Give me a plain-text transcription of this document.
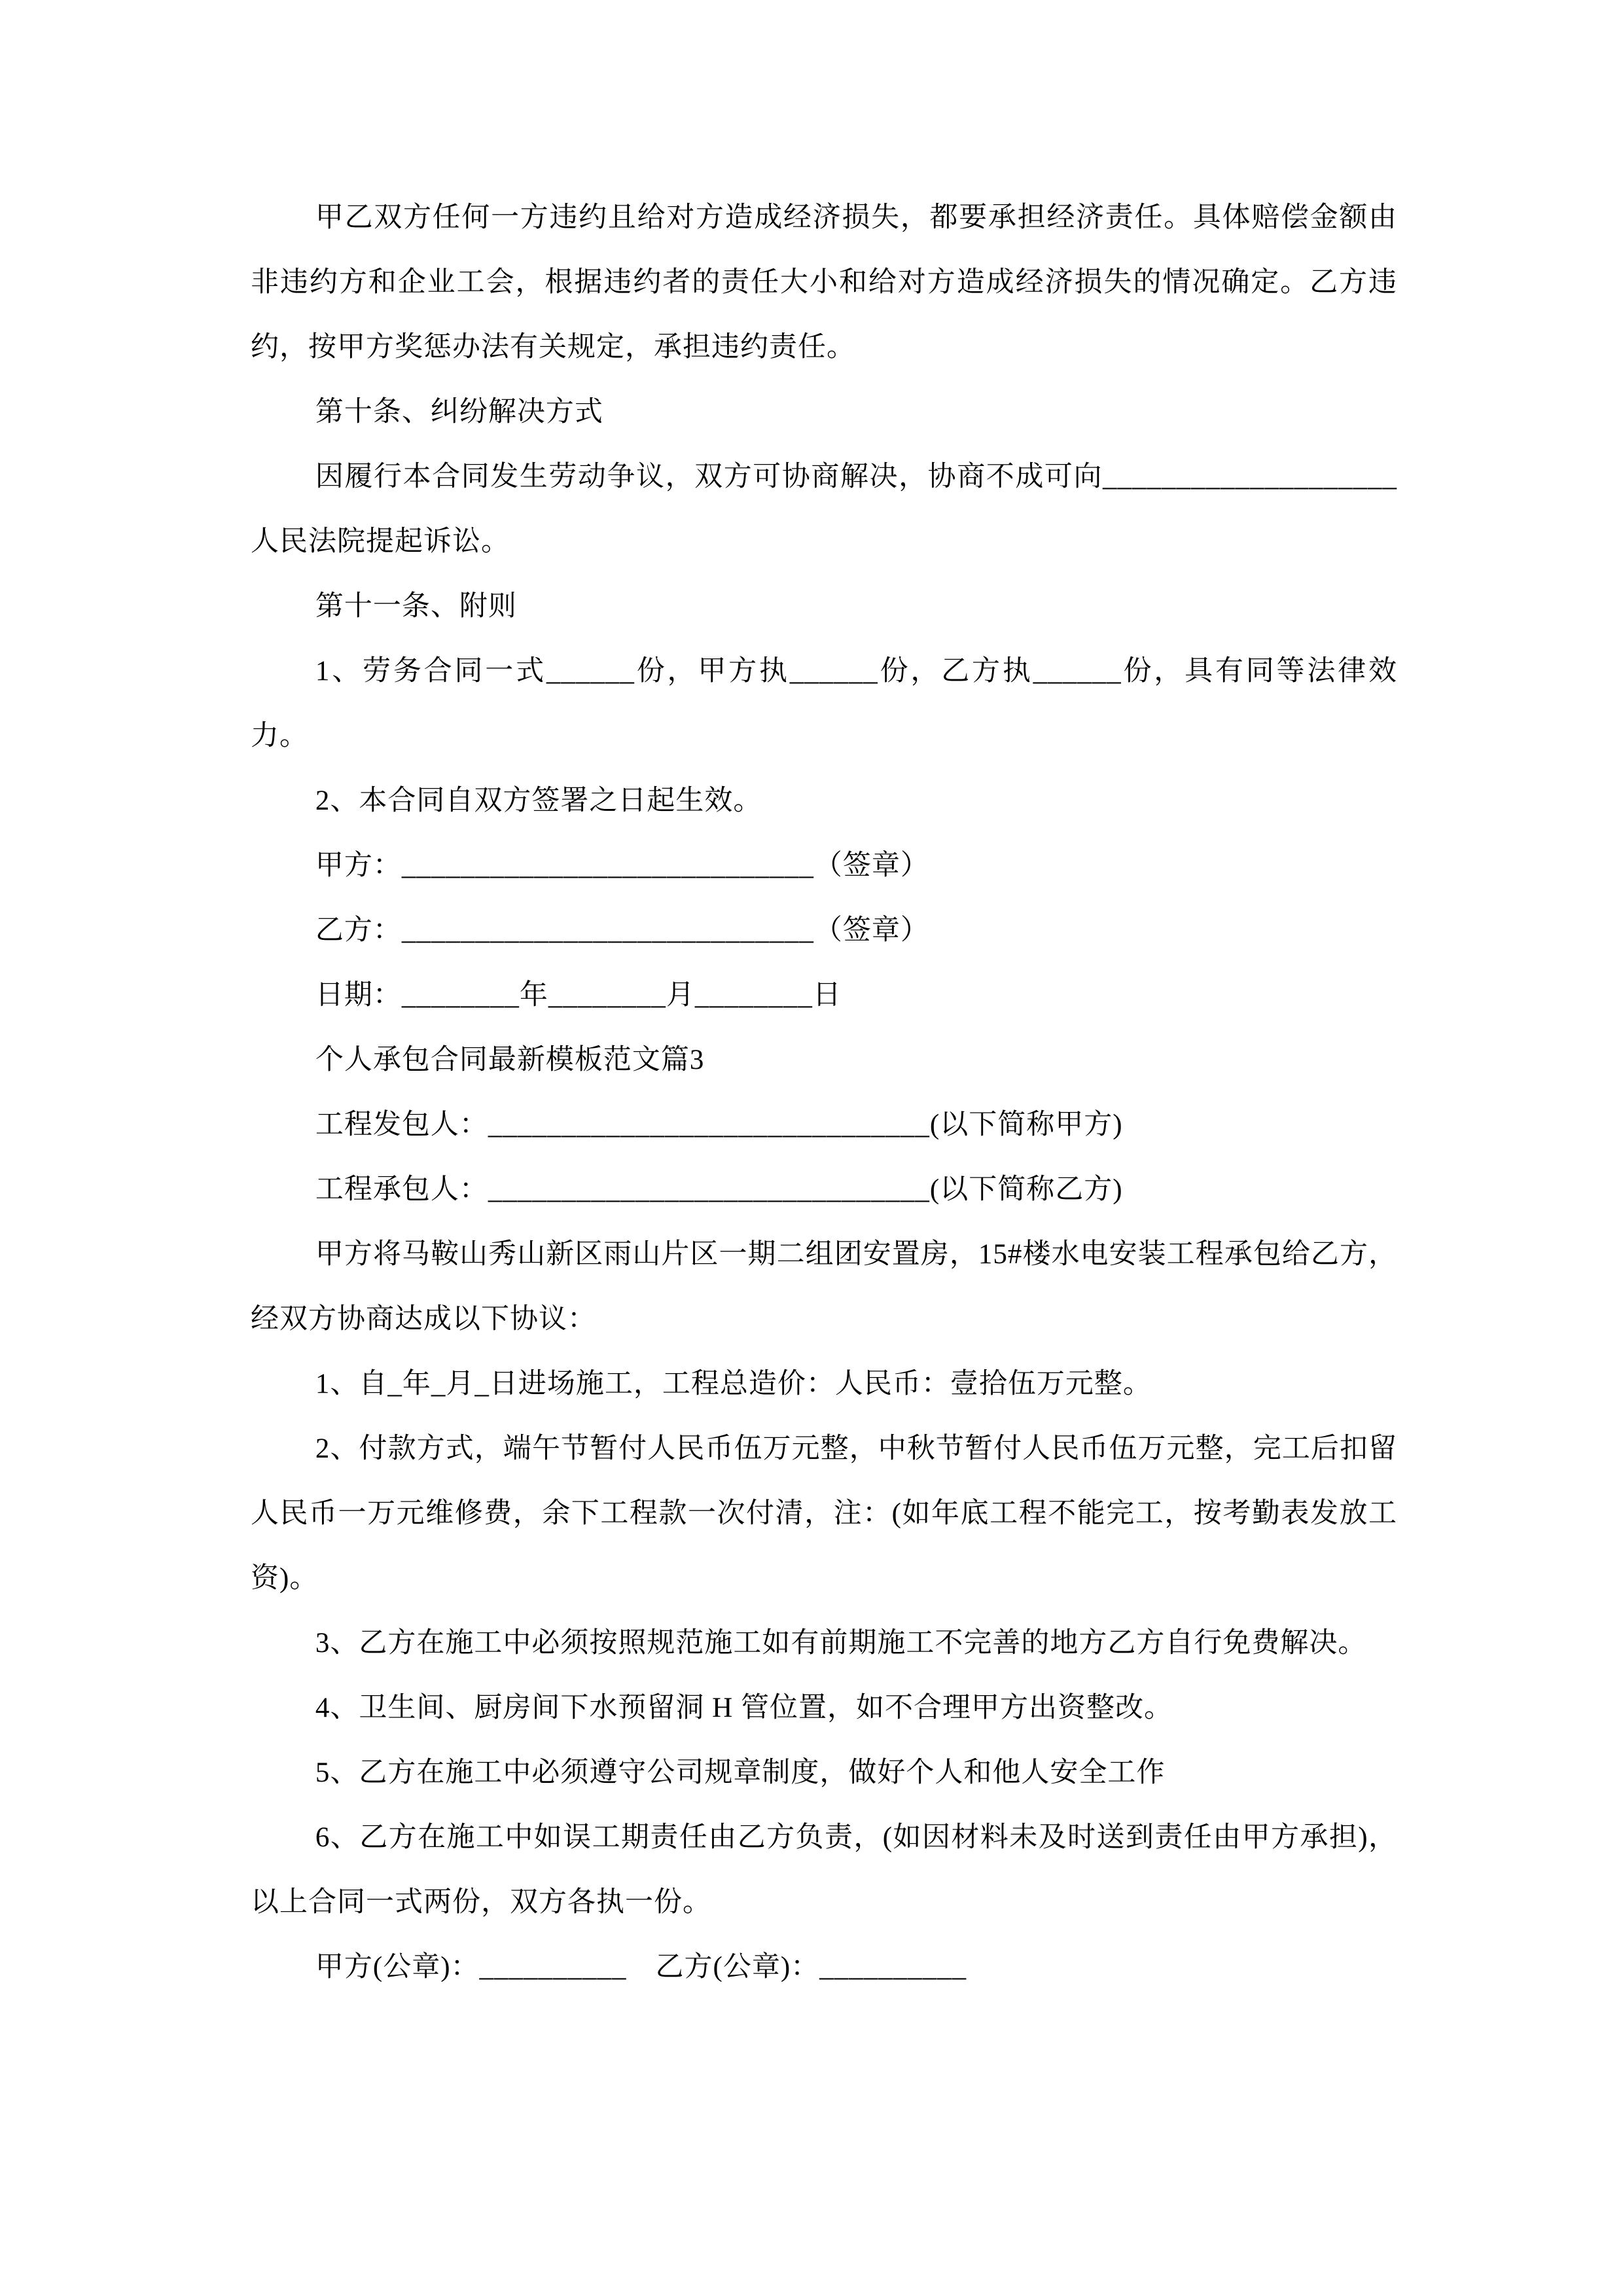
甲乙双方任何一方违约且给对方造成经济损失，都要承担经济责任。具体赔偿金额由非违约方和企业工会，根据违约者的责任大小和给对方造成经济损失的情况确定。乙方违约，按甲方奖惩办法有关规定，承担违约责任。

第十条、纠纷解决方式

因履行本合同发生劳动争议，双方可协商解决，协商不成可向____________________人民法院提起诉讼。

第十一条、附则

1、劳务合同一式______份，甲方执______份，乙方执______份，具有同等法律效力。

2、本合同自双方签署之日起生效。

甲方：____________________________（签章）

乙方：____________________________（签章）

日期：________年________月________日

个人承包合同最新模板范文篇3

工程发包人：______________________________(以下简称甲方)

工程承包人：______________________________(以下简称乙方)

甲方将马鞍山秀山新区雨山片区一期二组团安置房，15#楼水电安装工程承包给乙方，经双方协商达成以下协议：

1、自_年_月_日进场施工，工程总造价：人民币：壹拾伍万元整。

2、付款方式，端午节暂付人民币伍万元整，中秋节暂付人民币伍万元整，完工后扣留人民币一万元维修费，余下工程款一次付清，注：(如年底工程不能完工，按考勤表发放工资)。

3、乙方在施工中必须按照规范施工如有前期施工不完善的地方乙方自行免费解决。

4、卫生间、厨房间下水预留洞 H 管位置，如不合理甲方出资整改。

5、乙方在施工中必须遵守公司规章制度，做好个人和他人安全工作

6、乙方在施工中如误工期责任由乙方负责，(如因材料未及时送到责任由甲方承担)，以上合同一式两份，双方各执一份。

甲方(公章)：__________　乙方(公章)：__________
